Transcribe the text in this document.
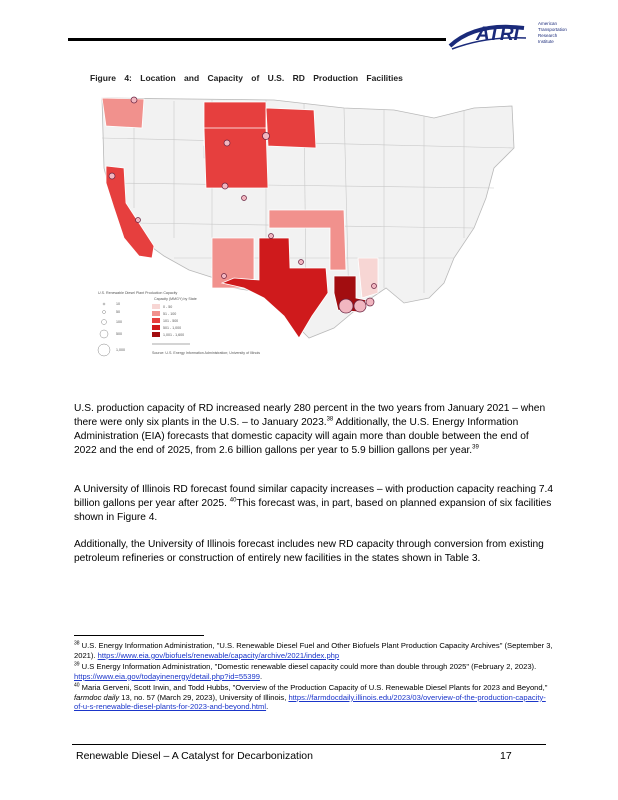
ATRI
American
Transportation
Research
Institute
Figure 4: Location and Capacity of U.S. RD Production Facilities
U.S. Renewable Diesel Plant Production Capacity
Capacity (MMGY) by State
10
50
100
500
1,000
0 - 50
51 - 100
101 - 500
501 - 1,000
1,001 - 1,600
Source: U.S. Energy Information Administration; University of Illinois
U.S. production capacity of RD increased nearly 280 percent in the two years from January 2021 – when there were only six plants in the U.S. – to January 2023.38 Additionally, the U.S. Energy Information Administration (EIA) forecasts that domestic capacity will again more than double between the end of 2022 and the end of 2025, from 2.6 billion gallons per year to 5.9 billion gallons per year.$^{39}$
A University of Illinois RD forecast found similar capacity increases – with production capacity reaching 7.4 billion gallons per year after 2025. $^{40}$This forecast was, in part, based on planned expansion of six facilities shown in Figure 4.
Additionally, the University of Illinois forecast includes new RD capacity through conversion from existing petroleum refineries or construction of entirely new facilities in the states shown in Table 3.
$^{38}$ U.S. Energy Information Administration, "U.S. Renewable Diesel Fuel and Other Biofuels Plant Production Capacity Archives" (September 3, 2021). https://www.eia.gov/biofuels/renewable/capacity/archive/2021/index.php
$^{39}$ U.S Energy Information Administration, "Domestic renewable diesel capacity could more than double through 2025" (February 2, 2023). https://www.eia.gov/todayinenergy/detail.php?id=55399.
$^{40}$ Maria Gerveni, Scott Irwin, and Todd Hubbs, "Overview of the Production Capacity of U.S. Renewable Diesel Plants for 2023 and Beyond," farmdoc daily 13, no. 57 (March 29, 2023), University of Illinois, https://farmdocdaily.illinois.edu/2023/03/overview-of-the-production-capacity-of-u-s-renewable-diesel-plants-for-2023-and-beyond.html.
Renewable Diesel – A Catalyst for Decarbonization	17
